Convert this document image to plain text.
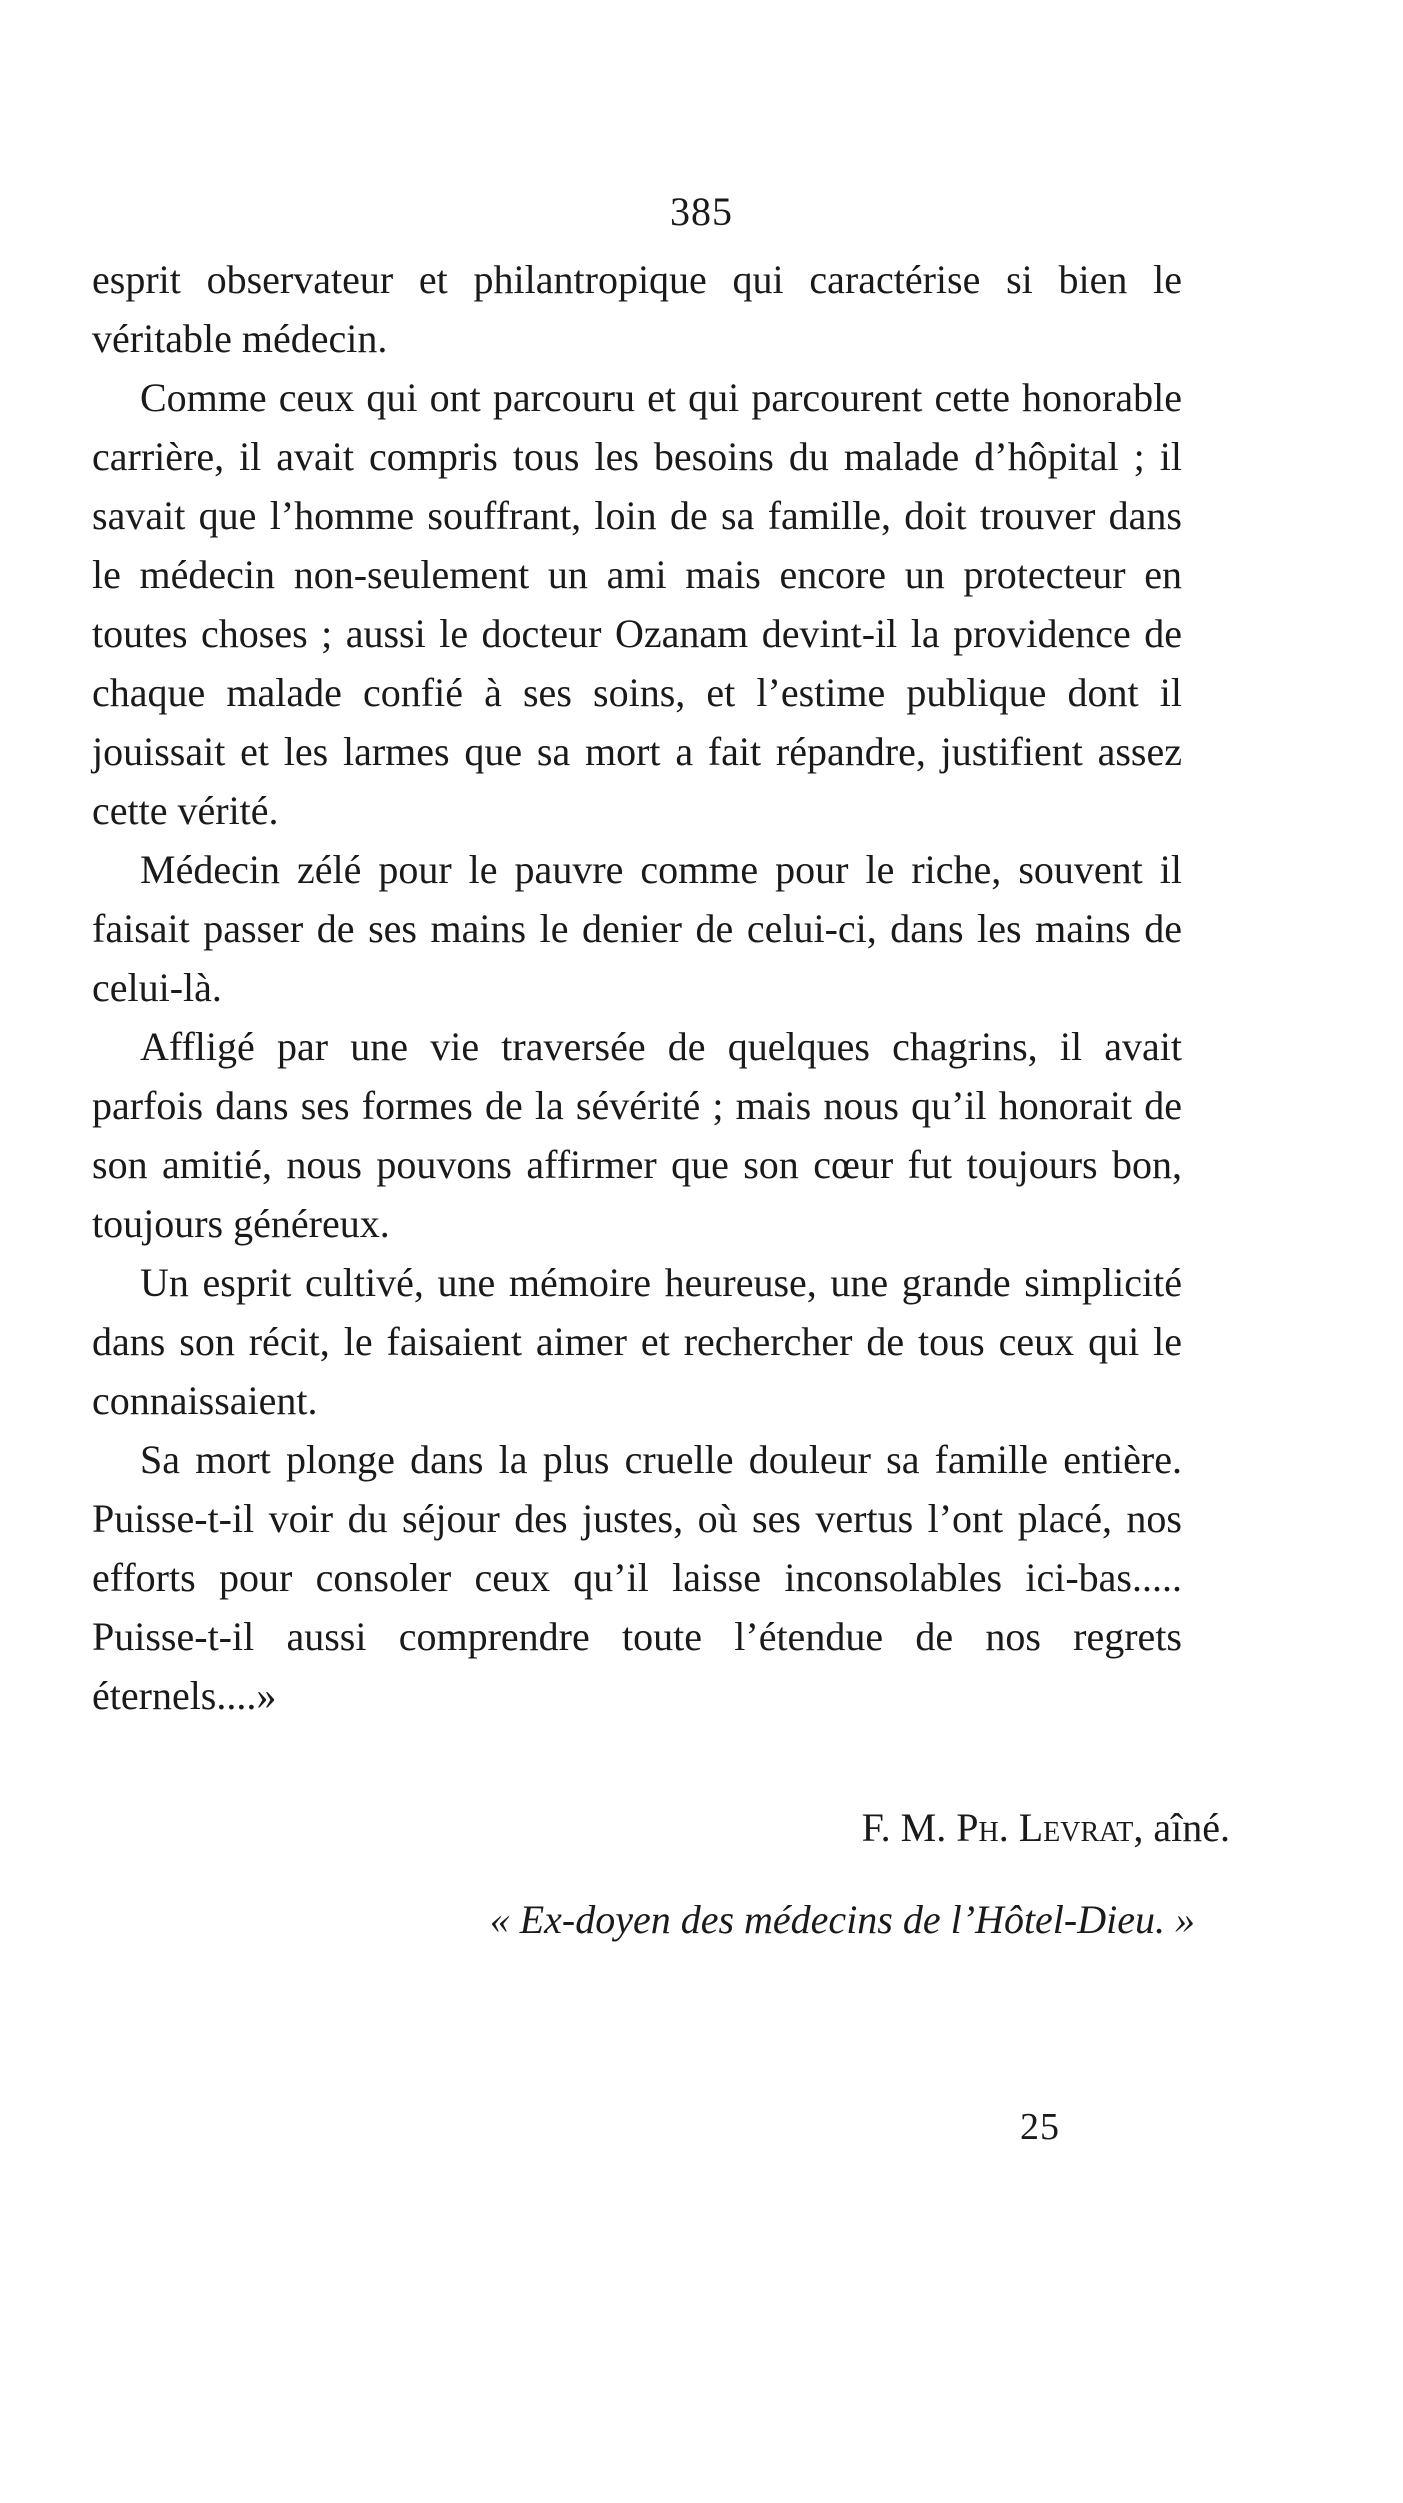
385

esprit observateur et philantropique qui caractérise si bien le véritable médecin.

Comme ceux qui ont parcouru et qui parcourent cette honorable carrière, il avait compris tous les besoins du malade d’hôpital ; il savait que l’homme souffrant, loin de sa famille, doit trouver dans le médecin non-seulement un ami mais encore un protecteur en toutes choses ; aussi le docteur Ozanam devint-il la providence de chaque malade confié à ses soins, et l’estime publique dont il jouissait et les larmes que sa mort a fait répandre, justifient assez cette vérité.

Médecin zélé pour le pauvre comme pour le riche, souvent il faisait passer de ses mains le denier de celui-ci, dans les mains de celui-là.

Affligé par une vie traversée de quelques chagrins, il avait parfois dans ses formes de la sévérité ; mais nous qu’il honorait de son amitié, nous pouvons affirmer que son cœur fut toujours bon, toujours généreux.

Un esprit cultivé, une mémoire heureuse, une grande simplicité dans son récit, le faisaient aimer et rechercher de tous ceux qui le connaissaient.

Sa mort plonge dans la plus cruelle douleur sa famille entière. Puisse-t-il voir du séjour des justes, où ses vertus l’ont placé, nos efforts pour consoler ceux qu’il laisse inconsolables ici-bas..... Puisse-t-il aussi comprendre toute l’étendue de nos regrets éternels....»

F. M. Ph. Levrat, aîné.
« Ex-doyen des médecins de l’Hôtel-Dieu. »
25
